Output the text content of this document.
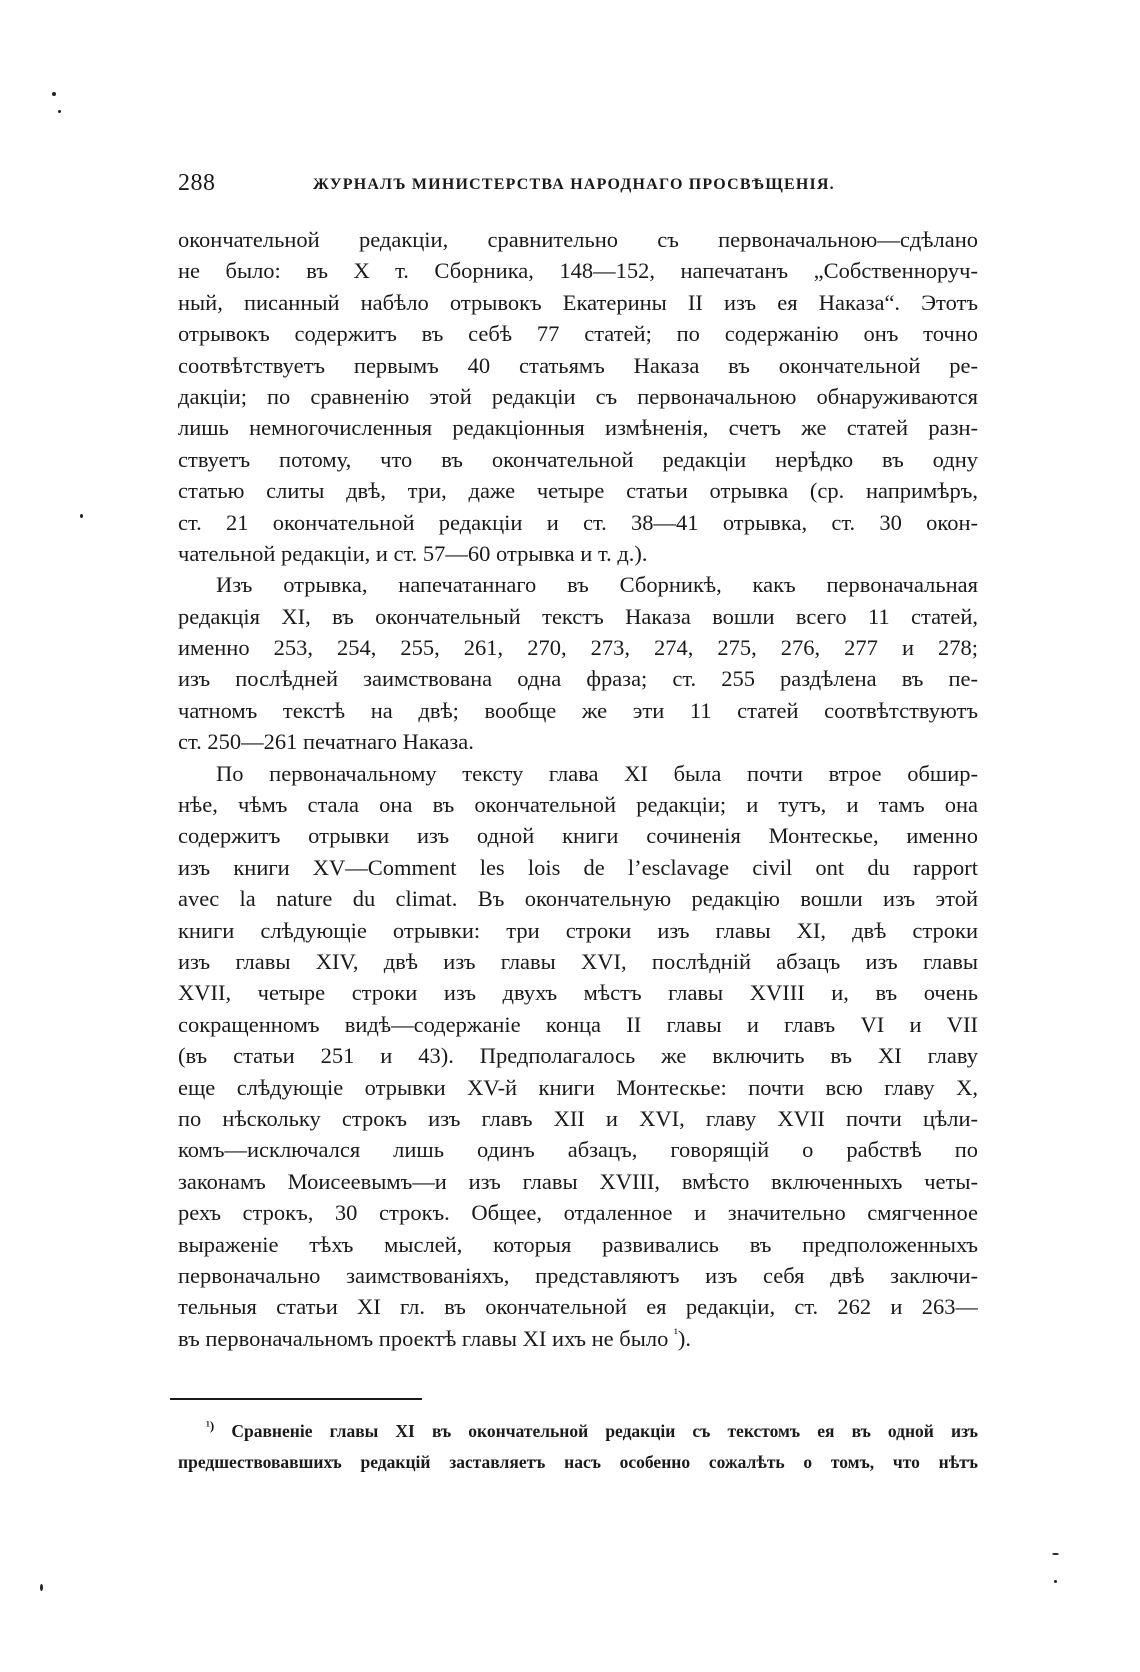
288	ЖУРНАЛЪ МИНИСТЕРСТВА НАРОДНАГО ПРОСВѢЩЕНІЯ.
окончательной редакціи, сравнительно съ первоначальною—сдѣлано
не было: въ Х т. Сборника, 148—152, напечатанъ „Собственноруч-
ный, писанный набѣло отрывокъ Екатерины II изъ ея Наказа“. Этотъ
отрывокъ содержитъ въ себѣ 77 статей; по содержанію онъ точно
соотвѣтствуетъ первымъ 40 статьямъ Наказа въ окончательной ре-
дакціи; по сравненію этой редакціи съ первоначальною обнаруживаются
лишь немногочисленныя редакціонныя измѣненія, счетъ же статей разн-
ствуетъ потому, что въ окончательной редакціи нерѣдко въ одну
статью слиты двѣ, три, даже четыре статьи отрывка (ср. напримѣръ,
ст. 21 окончательной редакціи и ст. 38—41 отрывка, ст. 30 окон-
чательной редакціи, и ст. 57—60 отрывка и т. д.).
Изъ отрывка, напечатаннаго въ Сборникѣ, какъ первоначальная
редакція XI, въ окончательный текстъ Наказа вошли всего 11 статей,
именно 253, 254, 255, 261, 270, 273, 274, 275, 276, 277 и 278;
изъ послѣдней заимствована одна фраза; ст. 255 раздѣлена въ пе-
чатномъ текстѣ на двѣ; вообще же эти 11 статей соотвѣтствуютъ
ст. 250—261 печатнаго Наказа.
По первоначальному тексту глава XI была почти втрое обшир-
нѣе, чѣмъ стала она въ окончательной редакціи; и тутъ, и тамъ она
содержитъ отрывки изъ одной книги сочиненія Монтескье, именно
изъ книги XV—Comment les lois de l’esclavage civil ont du rapport
avec la nature du climat. Въ окончательную редакцію вошли изъ этой
книги слѣдующіе отрывки: три строки изъ главы XI, двѣ строки
изъ главы XIV, двѣ изъ главы XVI, послѣдній абзацъ изъ главы
XVII, четыре строки изъ двухъ мѣстъ главы XVIII и, въ очень
сокращенномъ видѣ—содержаніе конца II главы и главъ VI и VII
(въ статьи 251 и 43). Предполагалось же включить въ XI главу
еще слѣдующіе отрывки XV-й книги Монтескье: почти всю главу X,
по нѣскольку строкъ изъ главъ XII и XVI, главу XVII почти цѣли-
комъ—исключался лишь одинъ абзацъ, говорящій о рабствѣ по
законамъ Моисеевымъ—и изъ главы XVIII, вмѣсто включенныхъ четы-
рехъ строкъ, 30 строкъ. Общее, отдаленное и значительно смягченное
выраженіе тѣхъ мыслей, которыя развивались въ предположенныхъ
первоначально заимствованіяхъ, представляютъ изъ себя двѣ заключи-
тельныя статьи XI гл. въ окончательной ея редакціи, ст. 262 и 263—
въ первоначальномъ проектѣ главы XI ихъ не было $^{^1}$).
$^{^1)}$ Сравненіе главы XI въ окончательной редакціи съ текстомъ ея въ одной изъ
предшествовавшихъ редакцій заставляетъ насъ особенно сожалѣть о томъ, что нѣтъ
